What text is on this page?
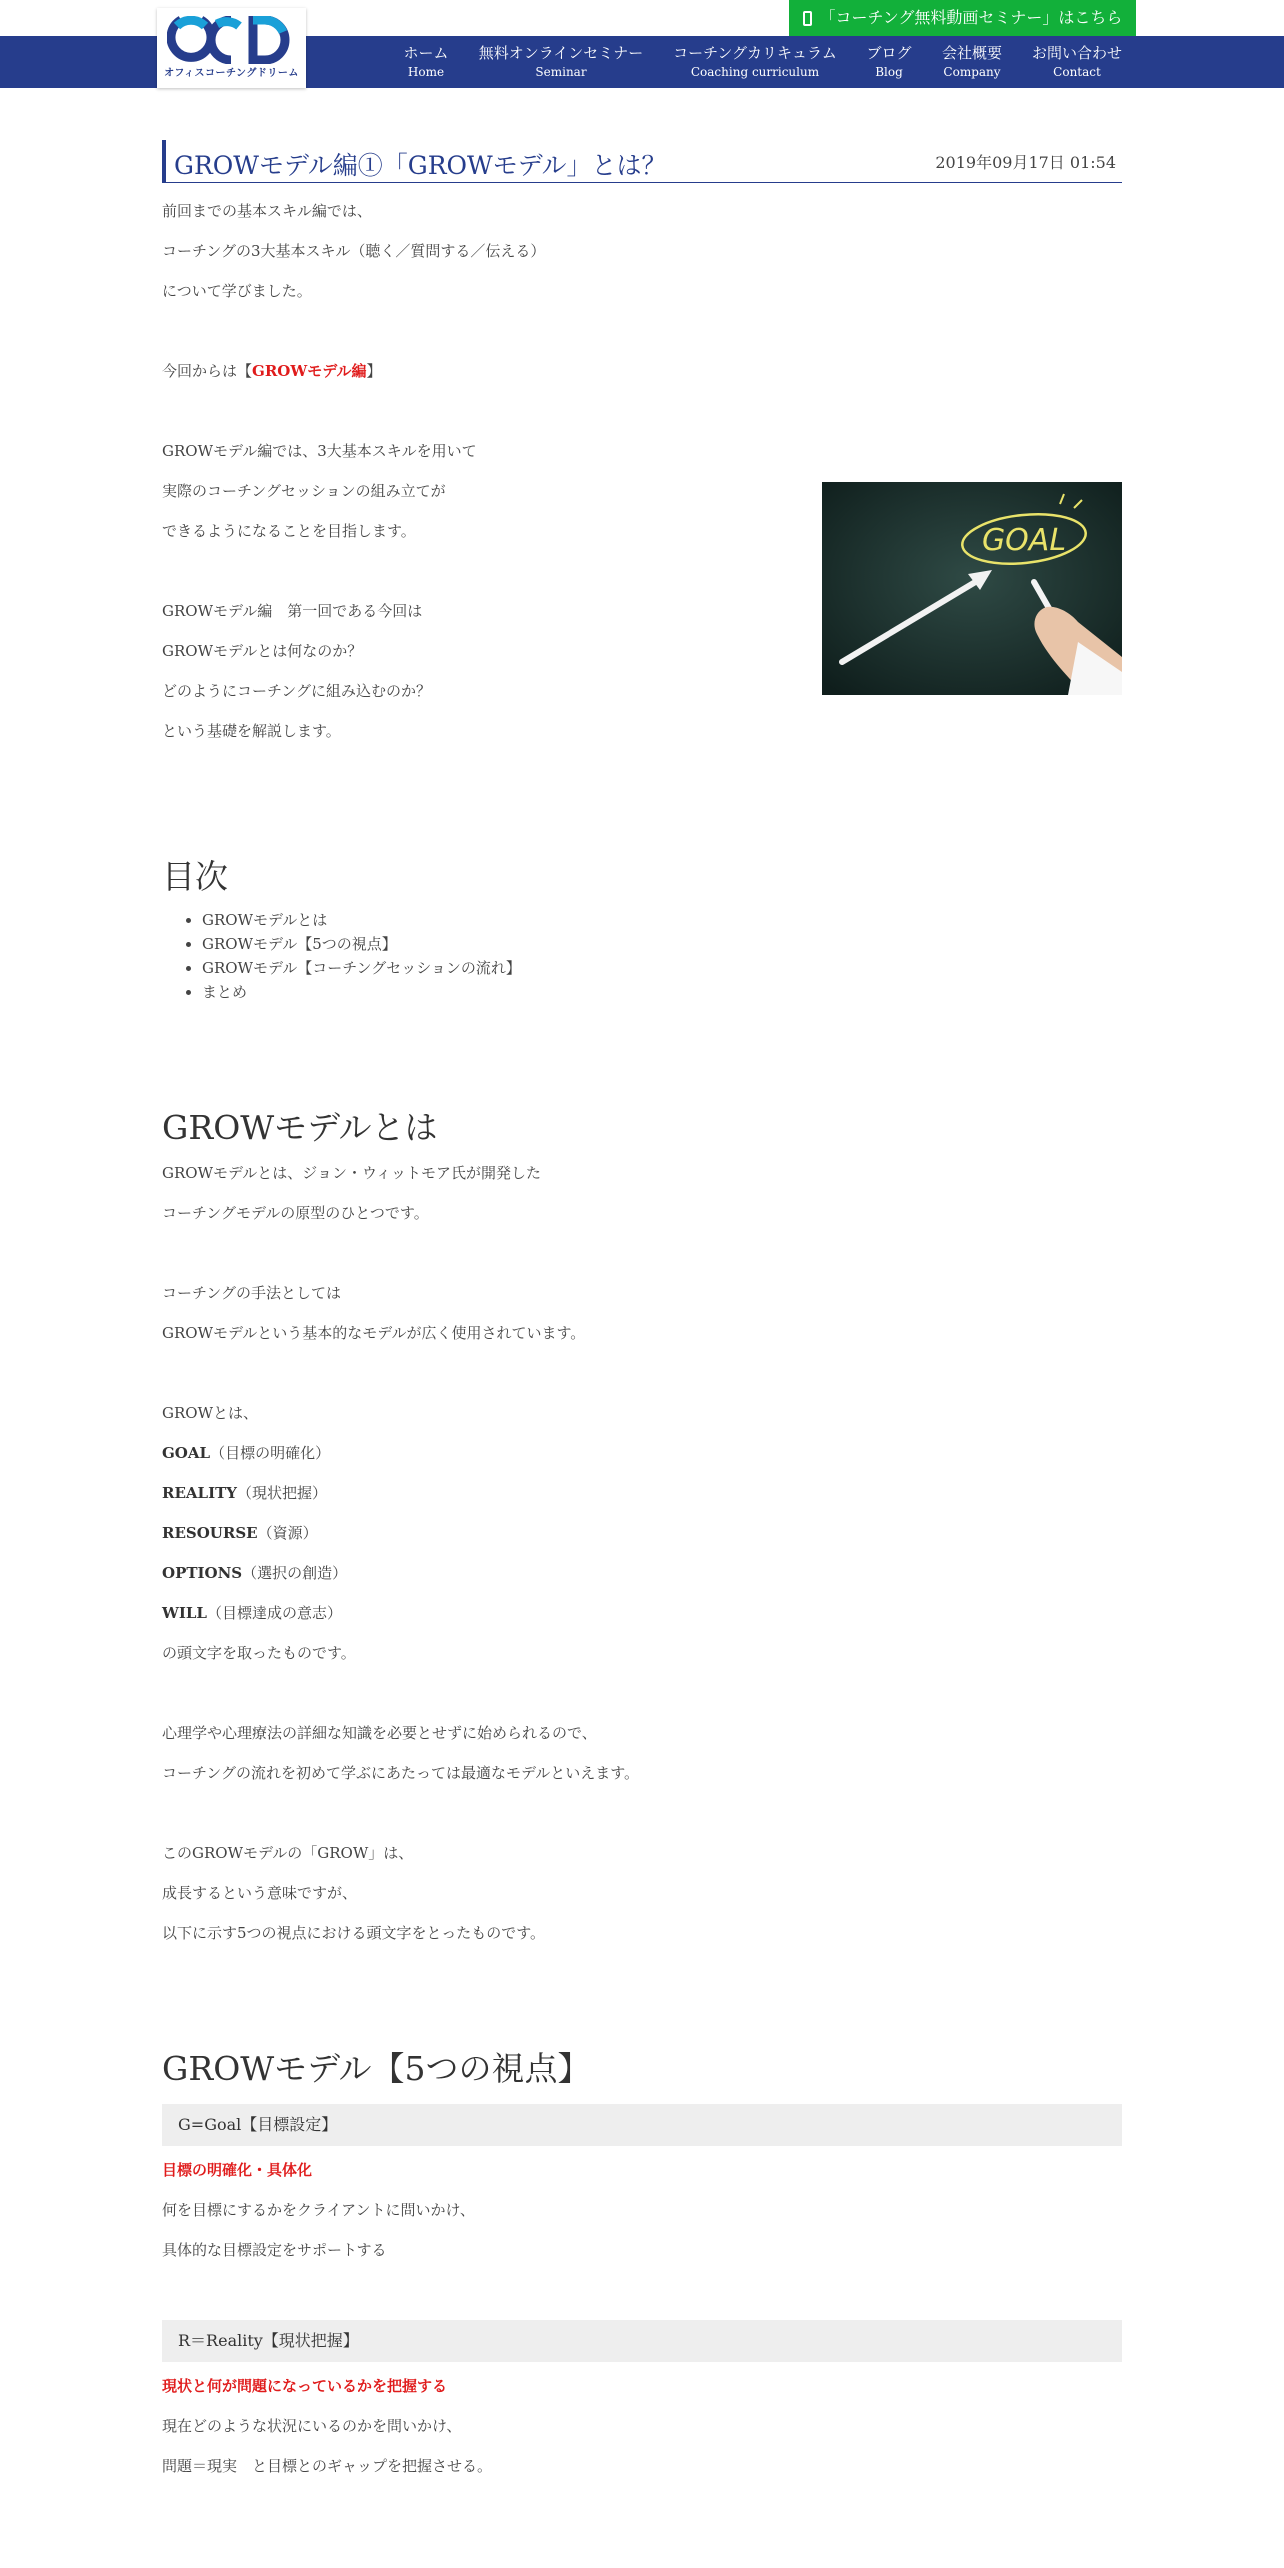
「コーチング無料動画セミナー」はこちら
オフィスコーチングドリーム
ホーム
Home
無料オンラインセミナー
Seminar
コーチングカリキュラム
Coaching curriculum
ブログ
Blog
会社概要
Company
お問い合わせ
Contact
GOAL
GROWモデル編①「GROWモデル」とは？	2019年09月17日 01:54

前回までの基本スキル編では、

コーチングの3大基本スキル（聴く／質問する／伝える）

について学びました。

今回からは【GROWモデル編】

GROWモデル編では、3大基本スキルを用いて

実際のコーチングセッションの組み立てが

できるようになることを目指します。

GROWモデル編　第一回である今回は

GROWモデルとは何なのか？

どのようにコーチングに組み込むのか？

という基礎を解説します。

目次
• GROWモデルとは
• GROWモデル【5つの視点】
• GROWモデル【コーチングセッションの流れ】
• まとめ
GROWモデルとは

GROWモデルとは、ジョン・ウィットモア氏が開発した

コーチングモデルの原型のひとつです。

コーチングの手法としては

GROWモデルという基本的なモデルが広く使用されています。

GROWとは、

GOAL（目標の明確化）

REALITY（現状把握）

RESOURSE（資源）

OPTIONS（選択の創造）

WILL（目標達成の意志）

の頭文字を取ったものです。

心理学や心理療法の詳細な知識を必要とせずに始められるので、

コーチングの流れを初めて学ぶにあたっては最適なモデルといえます。

このGROWモデルの「GROW」は、

成長するという意味ですが、

以下に示す5つの視点における頭文字をとったものです。

GROWモデル【5つの視点】
G=Goal【目標設定】

目標の明確化・具体化

何を目標にするかをクライアントに問いかけ、

具体的な目標設定をサポートする

R＝Reality【現状把握】

現状と何が問題になっているかを把握する

現在どのような状況にいるのかを問いかけ、

問題＝現実　と目標とのギャップを把握させる。
